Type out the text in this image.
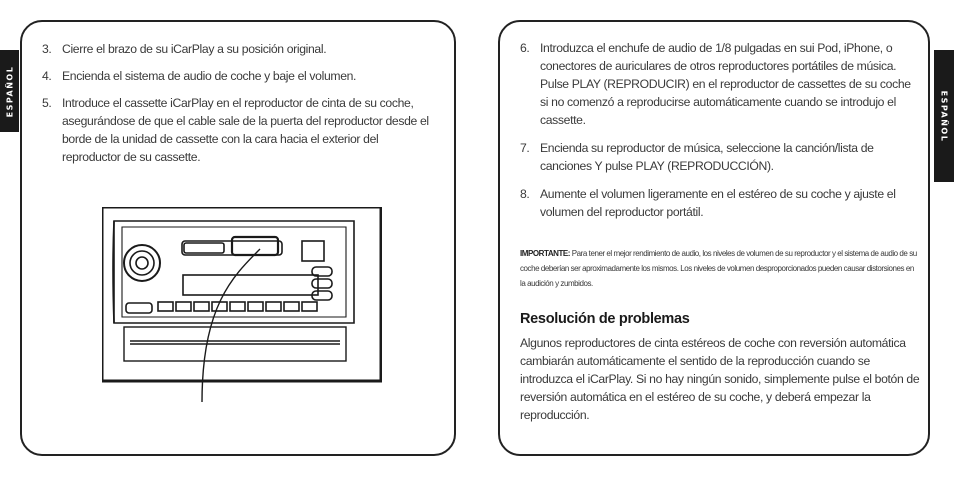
ESPAÑOL	ESPAÑOL
3. Cierre el brazo de su iCarPlay a su posición original.
4. Encienda el sistema de audio de coche y baje el volumen.
5. Introduce el cassette iCarPlay en el reproductor de cinta de su coche, asegurándose de que el cable sale de la puerta del reproductor desde el borde de la unidad de cassette con la cara hacia el exterior del reproductor de su cassette.
6. Introduzca el enchufe de audio de 1/8 pulgadas en sui Pod, iPhone, o conectores de auriculares de otros reproductores portátiles de música. Pulse PLAY (REPRODUCIR) en el reproductor de cassettes de su coche si no comenzó a reproducirse automáticamente cuando se introdujo el cassette.
7. Encienda su reproductor de música, seleccione la canción/lista de canciones Y pulse PLAY (REPRODUCCIÓN).
8. Aumente el volumen ligeramente en el estéreo de su coche y ajuste el volumen del reproductor portátil.
IMPORTANTE: Para tener el mejor rendimiento de audio, los niveles de volumen de su reproductor y el sistema de audio de su coche deberían ser aproximadamente los mismos. Los niveles de volumen desproporcionados pueden causar distorsiones en la audición y zumbidos.
Resolución de problemas
Algunos reproductores de cinta estéreos de coche con reversión automática cambiarán automáticamente el sentido de la reproducción cuando se introduzca el iCarPlay. Si no hay ningún sonido, simplemente pulse el botón de reversión automática en el estéreo de su coche, y deberá empezar la reproducción.
